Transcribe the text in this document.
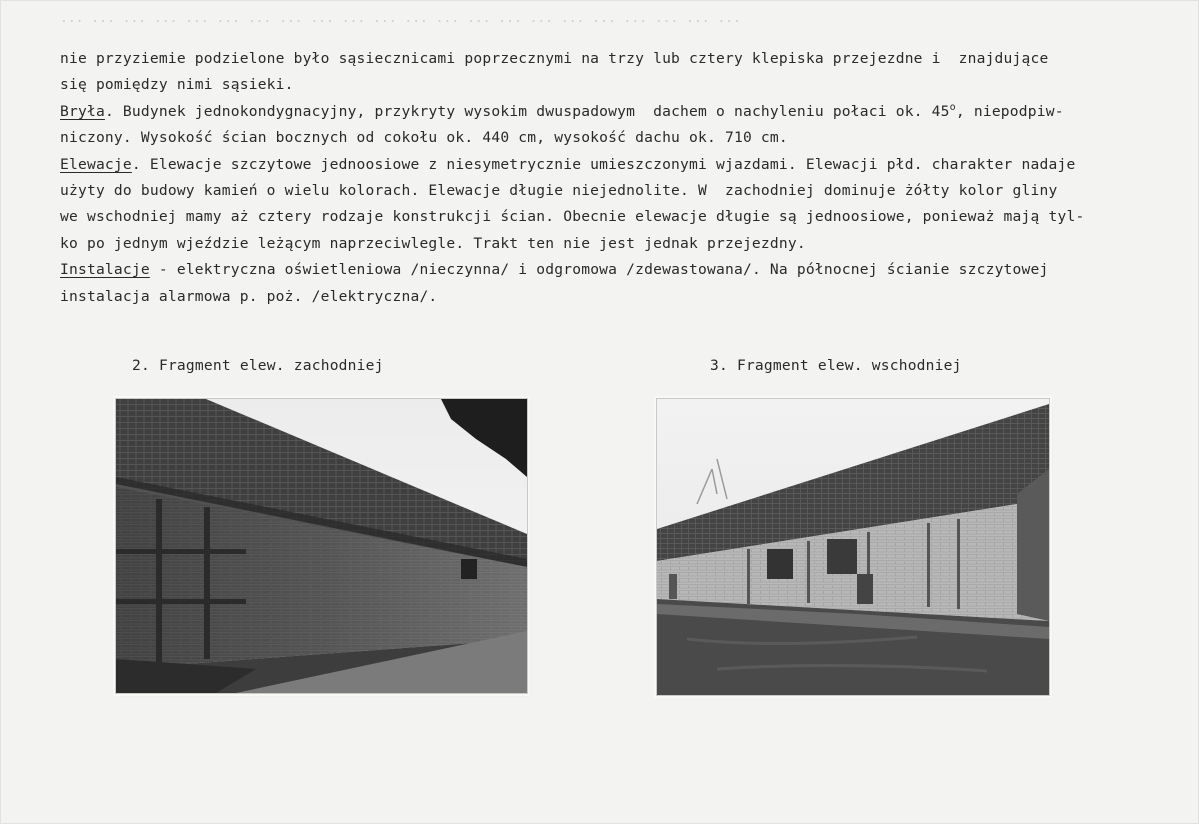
... ... ... ... ... ... ... ... ... ... ... ... ... ... ... ... ... ... ... ... ... ...
nie przyziemie podzielone było sąsiecznicami poprzecznymi na trzy lub cztery klepiska przejezdne i  znajdujące
się pomiędzy nimi sąsieki.
Bryła. Budynek jednokondygnacyjny, przykryty wysokim dwuspadowym  dachem o nachyleniu połaci ok. 45$^o$, niepodpiw-
niczony. Wysokość ścian bocznych od cokołu ok. 440 cm, wysokość dachu ok. 710 cm.
Elewacje. Elewacje szczytowe jednoosiowe z niesymetrycznie umieszczonymi wjazdami. Elewacji płd. charakter nadaje
użyty do budowy kamień o wielu kolorach. Elewacje długie niejednolite. W  zachodniej dominuje żółty kolor gliny
we wschodniej mamy aż cztery rodzaje konstrukcji ścian. Obecnie elewacje długie są jednoosiowe, ponieważ mają tyl-
ko po jednym wjeździe leżącym naprzeciwlegle. Trakt ten nie jest jednak przejezdny.
Instalacje - elektryczna oświetleniowa /nieczynna/ i odgromowa /zdewastowana/. Na północnej ścianie szczytowej
instalacja alarmowa p. poż. /elektryczna/.
2. Fragment elew. zachodniej	3. Fragment elew. wschodniej
